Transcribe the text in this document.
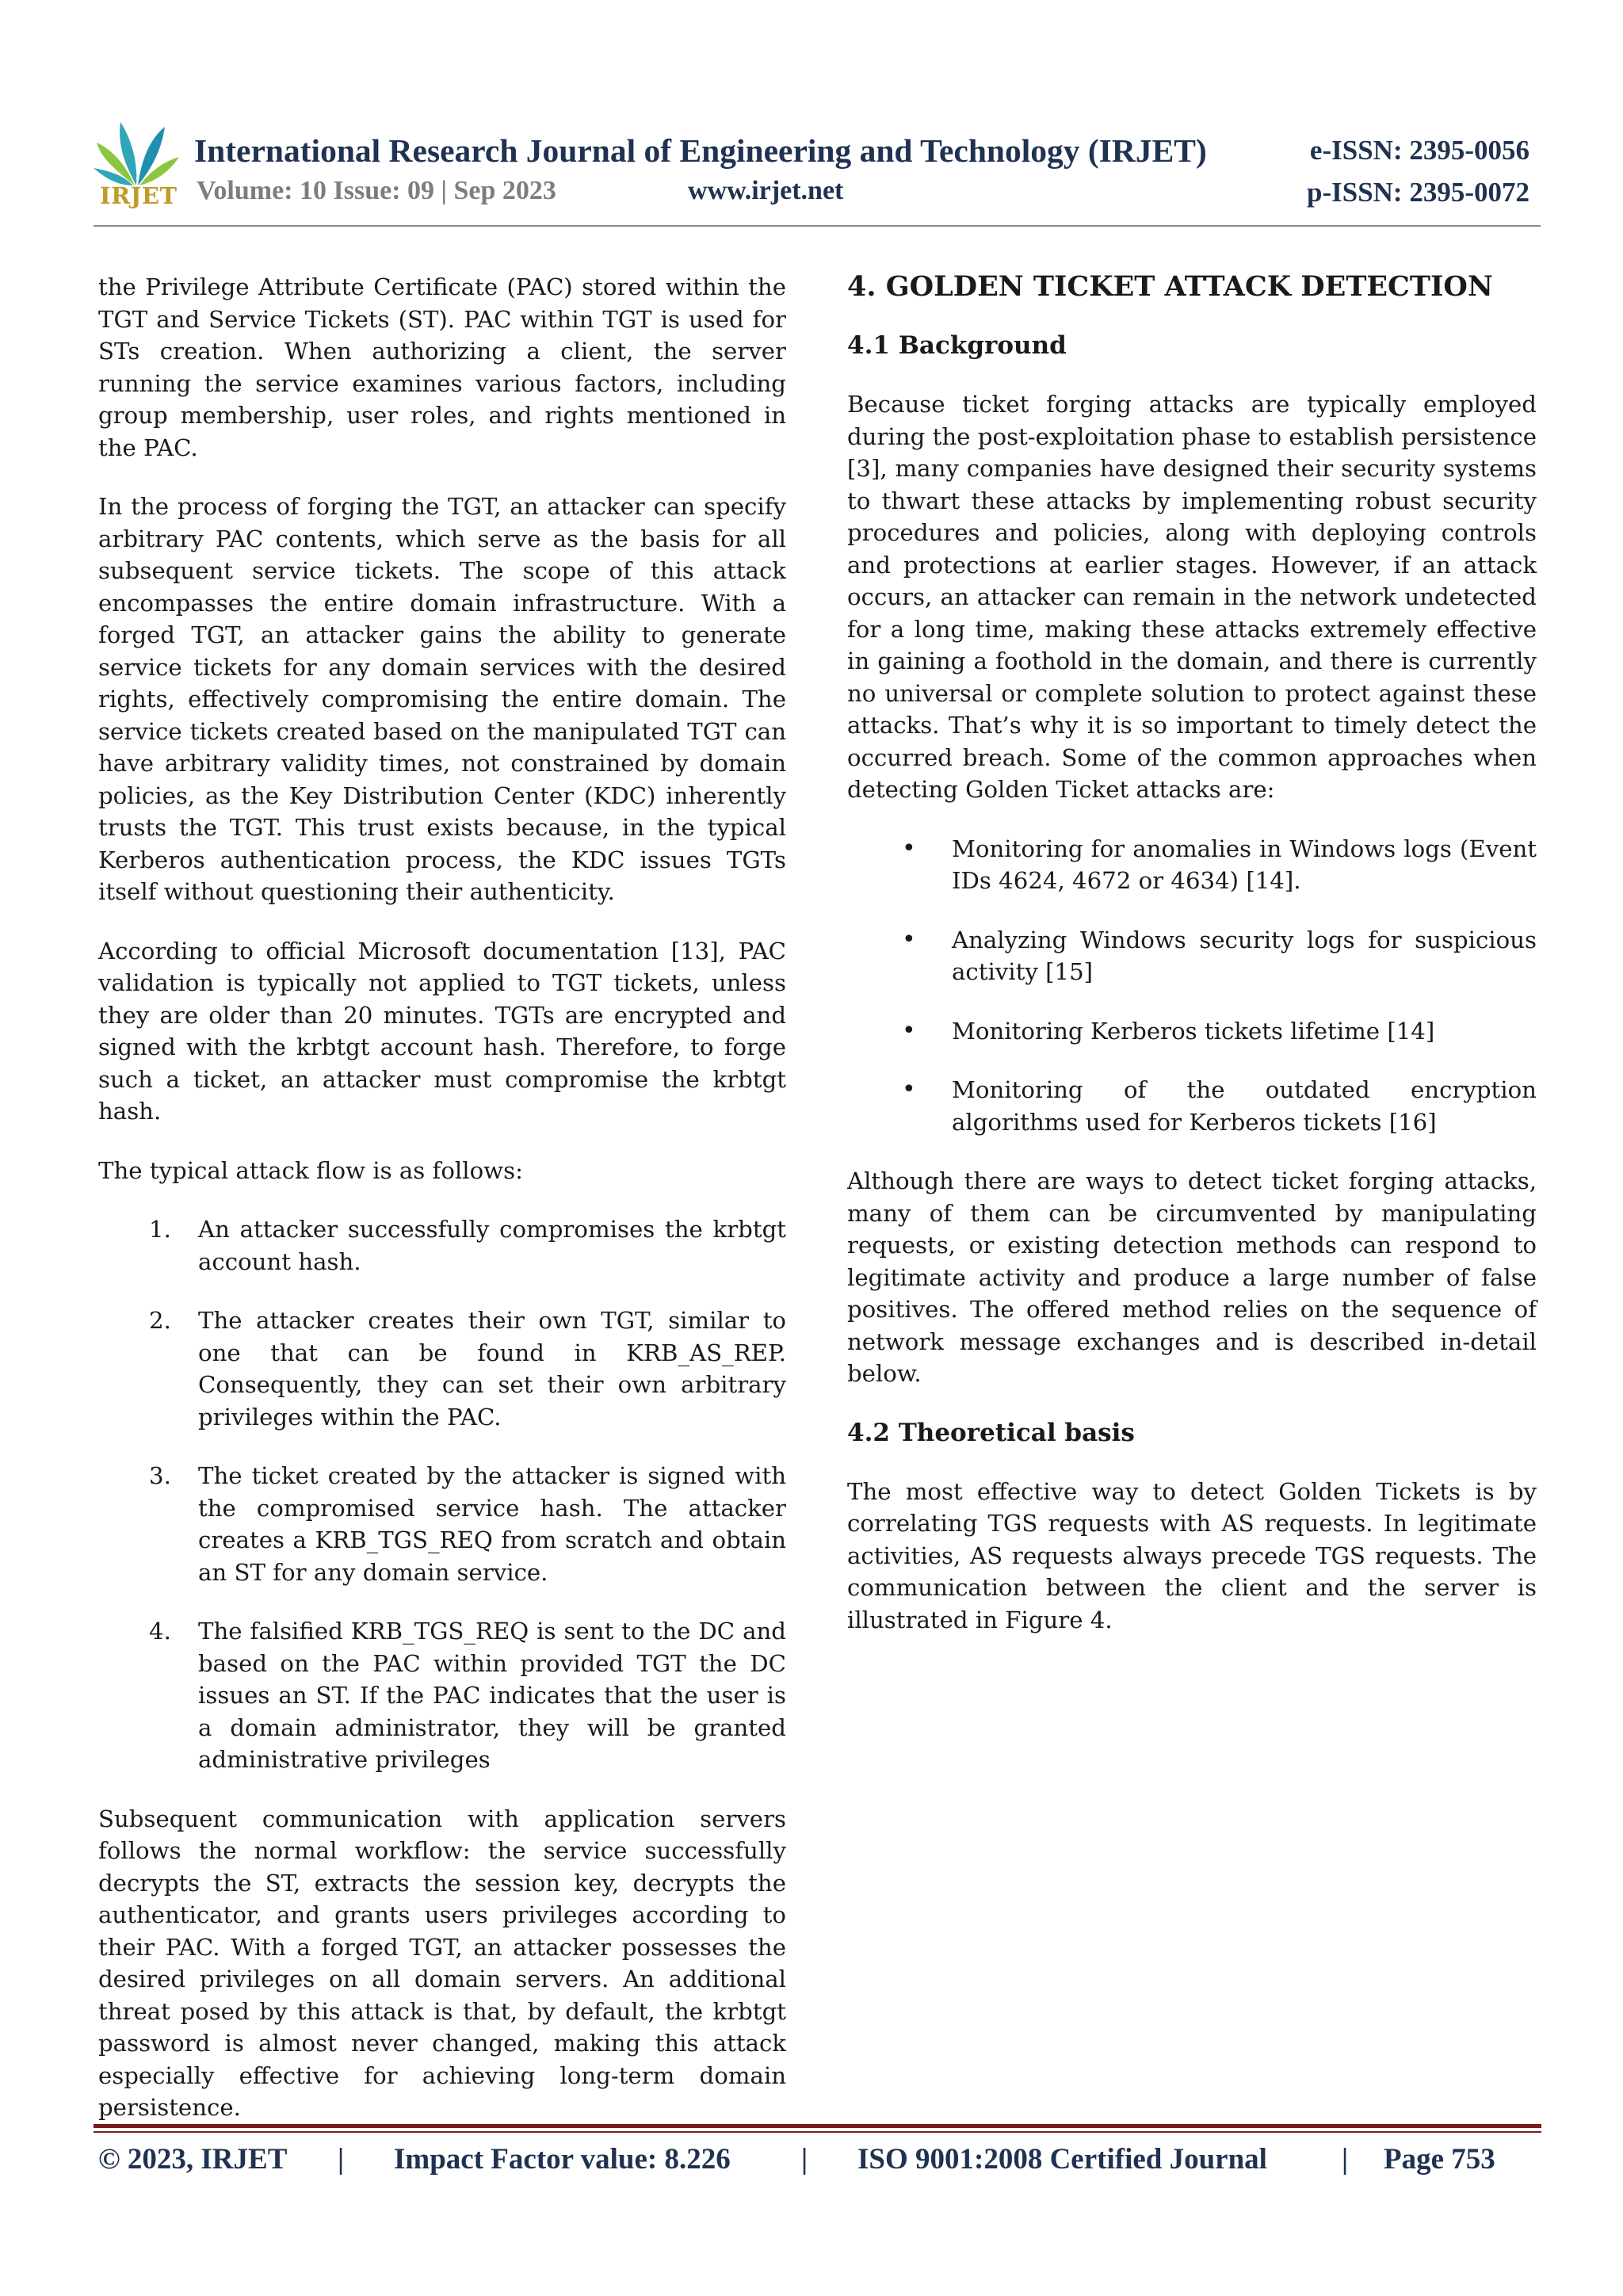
IRJET
International Research Journal of Engineering and Technology (IRJET)	e-ISSN: 2395-0056
Volume: 10 Issue: 09 | Sep 2023	www.irjet.net	p-ISSN: 2395-0072

the Privilege Attribute Certificate (PAC) stored within the TGT and Service Tickets (ST). PAC within TGT is used for STs creation. When authorizing a client, the server running the service examines various factors, including group membership, user roles, and rights mentioned in the PAC.

In the process of forging the TGT, an attacker can specify arbitrary PAC contents, which serve as the basis for all subsequent service tickets. The scope of this attack encompasses the entire domain infrastructure. With a forged TGT, an attacker gains the ability to generate service tickets for any domain services with the desired rights, effectively compromising the entire domain. The service tickets created based on the manipulated TGT can have arbitrary validity times, not constrained by domain policies, as the Key Distribution Center (KDC) inherently trusts the TGT. This trust exists because, in the typical Kerberos authentication process, the KDC issues TGTs itself without questioning their authenticity.

According to official Microsoft documentation [13], PAC validation is typically not applied to TGT tickets, unless they are older than 20 minutes. TGTs are encrypted and signed with the krbtgt account hash. Therefore, to forge such a ticket, an attacker must compromise the krbtgt hash.

The typical attack flow is as follows:

1. An attacker successfully compromises the krbtgt account hash.
2. The attacker creates their own TGT, similar to one that can be found in KRB_AS_REP. Consequently, they can set their own arbitrary privileges within the PAC.
3. The ticket created by the attacker is signed with the compromised service hash. The attacker creates a KRB_TGS_REQ from scratch and obtain an ST for any domain service.
4. The falsified KRB_TGS_REQ is sent to the DC and based on the PAC within provided TGT the DC issues an ST. If the PAC indicates that the user is a domain administrator, they will be granted administrative privileges

Subsequent communication with application servers follows the normal workflow: the service successfully decrypts the ST, extracts the session key, decrypts the authenticator, and grants users privileges according to their PAC. With a forged TGT, an attacker possesses the desired privileges on all domain servers. An additional threat posed by this attack is that, by default, the krbtgt password is almost never changed, making this attack especially effective for achieving long-term domain persistence.

4. GOLDEN TICKET ATTACK DETECTION
4.1 Background

Because ticket forging attacks are typically employed during the post-exploitation phase to establish persistence [3], many companies have designed their security systems to thwart these attacks by implementing robust security procedures and policies, along with deploying controls and protections at earlier stages. However, if an attack occurs, an attacker can remain in the network undetected for a long time, making these attacks extremely effective in gaining a foothold in the domain, and there is currently no universal or complete solution to protect against these attacks. That’s why it is so important to timely detect the occurred breach. Some of the common approaches when detecting Golden Ticket attacks are:

• Monitoring for anomalies in Windows logs (Event IDs 4624, 4672 or 4634) [14].
• Analyzing Windows security logs for suspicious activity [15]
• Monitoring Kerberos tickets lifetime [14]
• Monitoring of the outdated encryption algorithms used for Kerberos tickets [16]

Although there are ways to detect ticket forging attacks, many of them can be circumvented by manipulating requests, or existing detection methods can respond to legitimate activity and produce a large number of false positives. The offered method relies on the sequence of network message exchanges and is described in-detail below.

4.2 Theoretical basis

The most effective way to detect Golden Tickets is by correlating TGS requests with AS requests. In legitimate activities, AS requests always precede TGS requests. The communication between the client and the server is illustrated in Figure 4.

© 2023, IRJET | Impact Factor value: 8.226 | ISO 9001:2008 Certified Journal	| Page 753
